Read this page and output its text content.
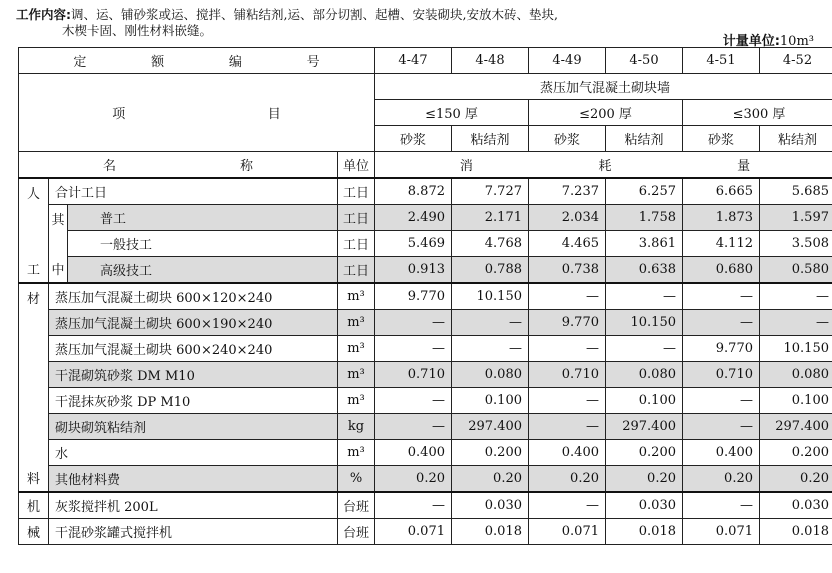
工作内容:调、运、铺砂浆或运、搅拌、铺粘结剂,运、部分切割、起槽、安装砌块,安放木砖、垫块,
木楔卡固、刚性材料嵌缝。
计量单位:10m³
定 额 编 号				4-47	4-48	4-49	4-50	4-51	4-52

项 目				蒸压加气混凝土砌块墙					
				≤150 厚		≤200 厚		≤300 厚	
				砂浆	粘结剂	砂浆	粘结剂	砂浆	粘结剂

名 称			单位	消 耗 量					

人
工	合计工日		工日	8.872	7.727	7.237	6.257	6.665	5.685

	其
中	普工	工日	2.490	2.171	2.034	1.758	1.873	1.597
		一般技工	工日	5.469	4.768	4.465	3.861	4.112	3.508
		高级技工	工日	0.913	0.788	0.738	0.638	0.680	0.580

材
料	蒸压加气混凝土砌块 600×120×240		m³	9.770	10.150	—	—	—	—
	蒸压加气混凝土砌块 600×190×240		m³	—	—	9.770	10.150	—	—
	蒸压加气混凝土砌块 600×240×240		m³	—	—	—	—	9.770	10.150
	干混砌筑砂浆 DM M10		m³	0.710	0.080	0.710	0.080	0.710	0.080
	干混抹灰砂浆 DP M10		m³	—	0.100	—	0.100	—	0.100
	砌块砌筑粘结剂		kg	—	297.400	—	297.400	—	297.400
	水		m³	0.400	0.200	0.400	0.200	0.400	0.200
	其他材料费		%	0.20	0.20	0.20	0.20	0.20	0.20
机	灰浆搅拌机 200L		台班	—	0.030	—	0.030	—	0.030
械	干混砂浆罐式搅拌机		台班	0.071	0.018	0.071	0.018	0.071	0.018
